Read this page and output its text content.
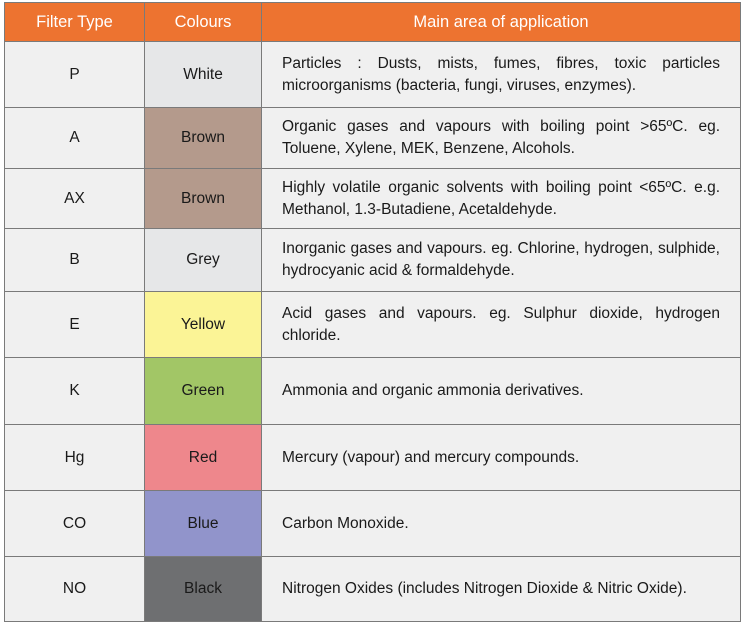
Filter Type	Colours	Main area of application
P	White	Particles : Dusts, mists, fumes, fibres, toxic particles microorganisms (bacteria, fungi, viruses, enzymes).

A	Brown	Organic gases and vapours with boiling point >65ºC. eg. Toluene, Xylene, MEK, Benzene, Alcohols.

AX	Brown	Highly volatile organic solvents with boiling point <65ºC. e.g. Methanol, 1.3-Butadiene, Acetaldehyde.

B	Grey	Inorganic gases and vapours. eg. Chlorine, hydrogen, sulphide, hydrocyanic acid & formaldehyde.

E	Yellow	Acid gases and vapours. eg. Sulphur dioxide, hydrogen chloride.

K	Green	Ammonia and organic ammonia derivatives.

Hg	Red	Mercury (vapour) and mercury compounds.

CO	Blue	Carbon Monoxide.

NO	Black	Nitrogen Oxides (includes Nitrogen Dioxide & Nitric Oxide).
